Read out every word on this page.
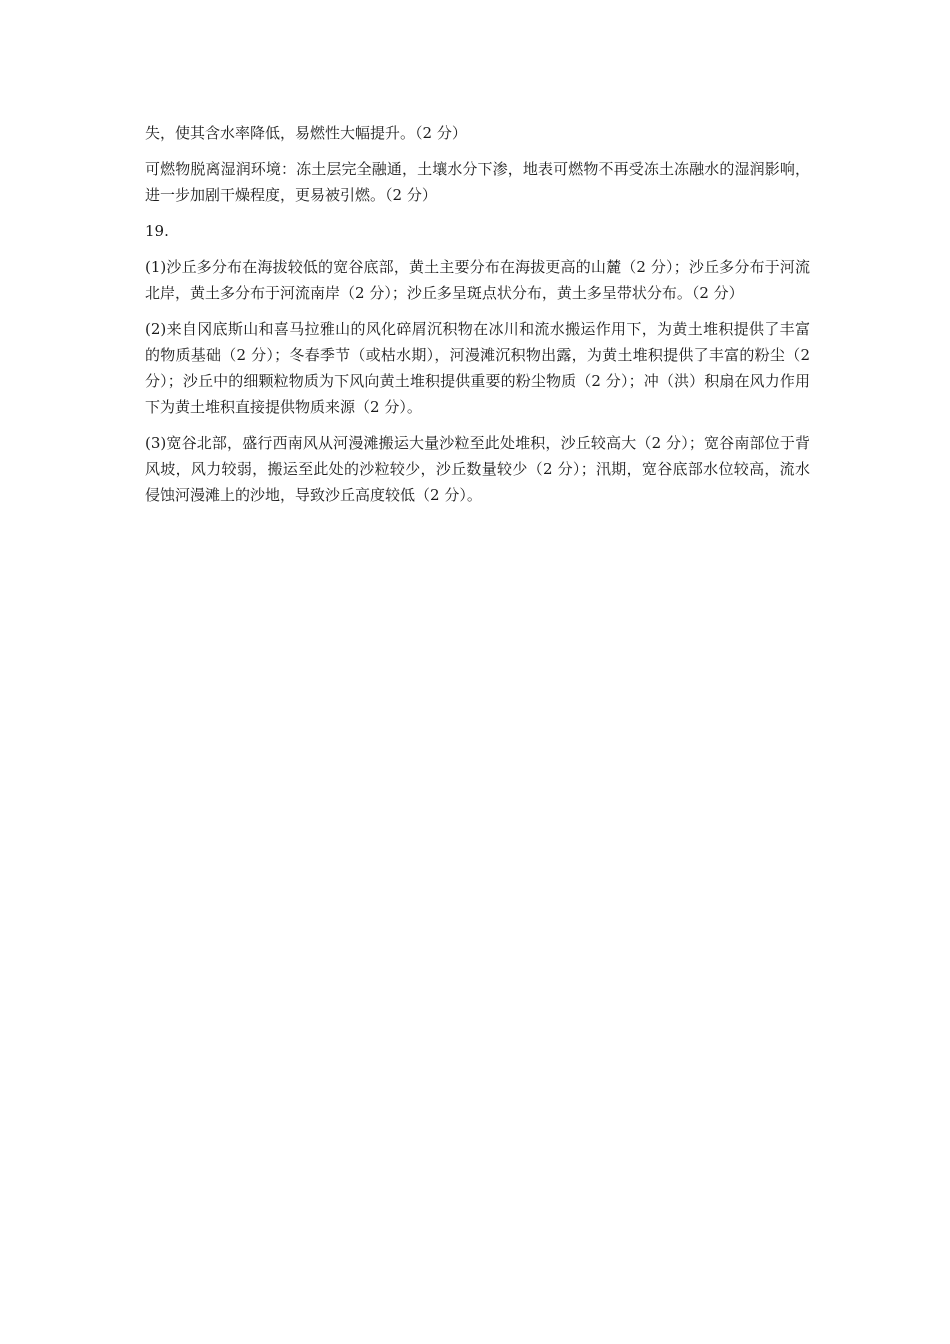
失，使其含水率降低，易燃性大幅提升。（2 分）

可燃物脱离湿润环境：冻土层完全融通，土壤水分下渗，地表可燃物不再受冻土冻融水的湿润影响，进一步加剧干燥程度，更易被引燃。（2 分）

19.

(1)沙丘多分布在海拔较低的宽谷底部，黄土主要分布在海拔更高的山麓（2 分）；沙丘多分布于河流北岸，黄土多分布于河流南岸（2 分）；沙丘多呈斑点状分布，黄土多呈带状分布。（2 分）

(2)来自冈底斯山和喜马拉雅山的风化碎屑沉积物在冰川和流水搬运作用下，为黄土堆积提供了丰富的物质基础（2 分）；冬春季节（或枯水期），河漫滩沉积物出露，为黄土堆积提供了丰富的粉尘（2 分）；沙丘中的细颗粒物质为下风向黄土堆积提供重要的粉尘物质（2 分）；冲（洪）积扇在风力作用下为黄土堆积直接提供物质来源（2 分）。

(3)宽谷北部，盛行西南风从河漫滩搬运大量沙粒至此处堆积，沙丘较高大（2 分）；宽谷南部位于背风坡，风力较弱，搬运至此处的沙粒较少，沙丘数量较少（2 分）；汛期，宽谷底部水位较高，流水侵蚀河漫滩上的沙地，导致沙丘高度较低（2 分）。
